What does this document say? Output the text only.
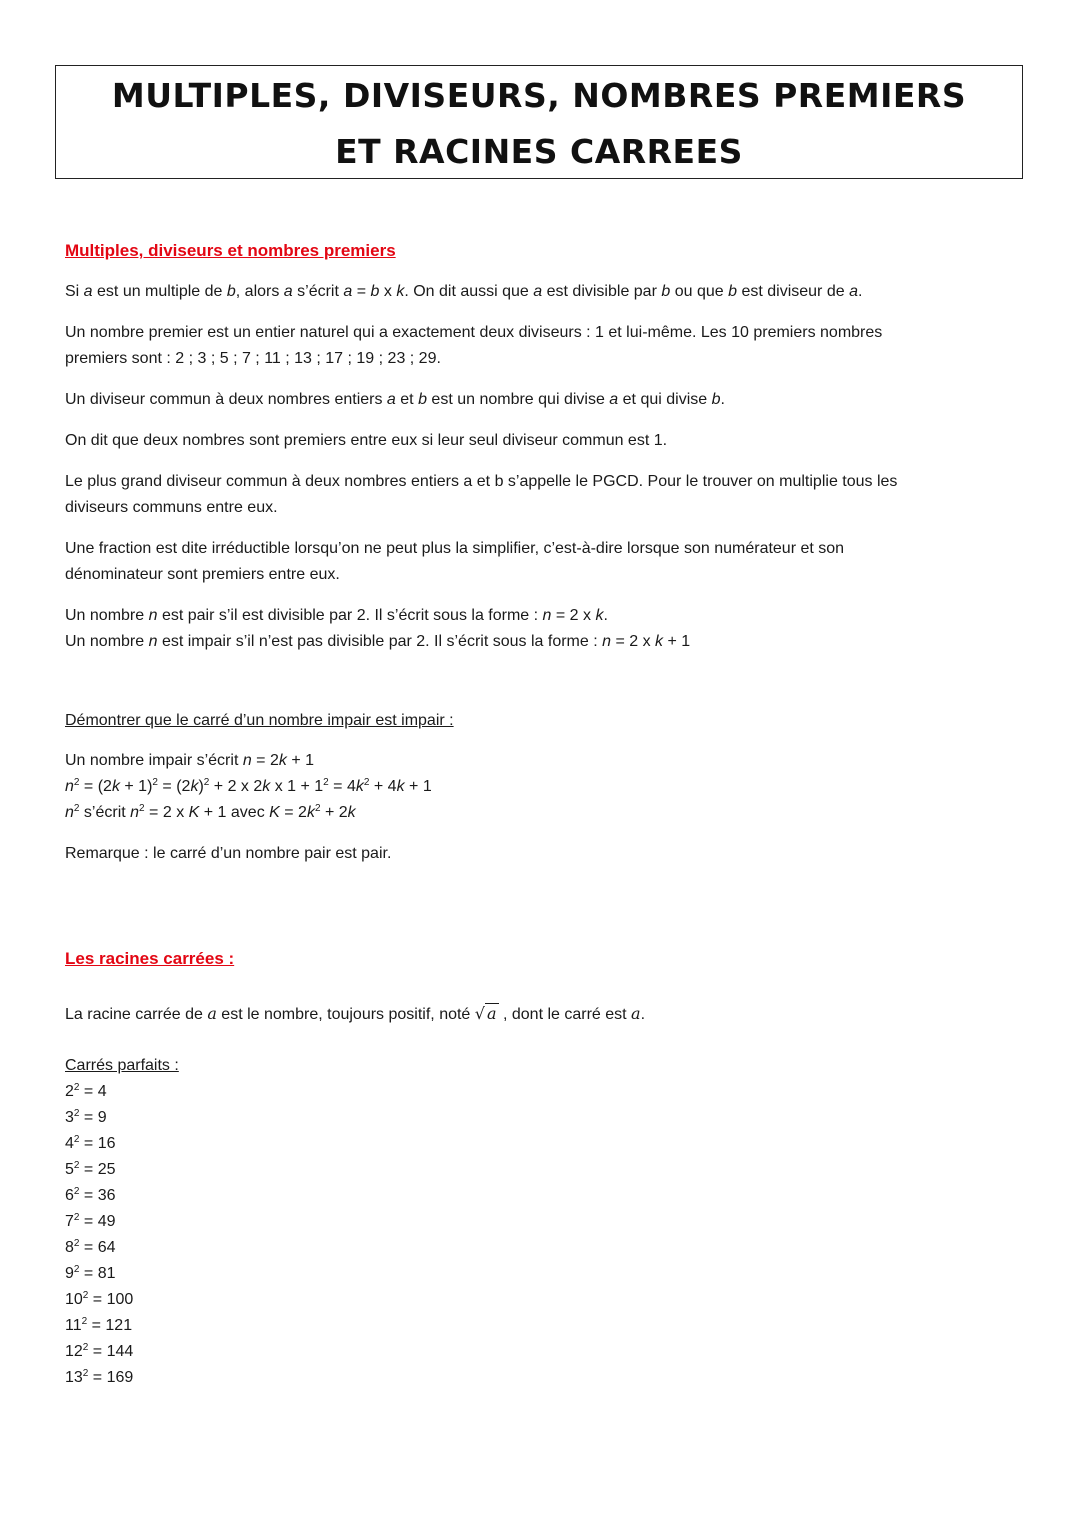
MULTIPLES, DIVISEURS, NOMBRES PREMIERS
ET RACINES CARREES
Multiples, diviseurs et nombres premiers
Si a est un multiple de b, alors a s’écrit a = b x k. On dit aussi que a est divisible par b ou que b est diviseur de a.
Un nombre premier est un entier naturel qui a exactement deux diviseurs : 1 et lui-même. Les 10 premiers nombres
premiers sont : 2 ; 3 ; 5 ; 7 ; 11 ; 13 ; 17 ; 19 ; 23 ; 29.
Un diviseur commun à deux nombres entiers a et b est un nombre qui divise a et qui divise b.
On dit que deux nombres sont premiers entre eux si leur seul diviseur commun est 1.
Le plus grand diviseur commun à deux nombres entiers a et b s’appelle le PGCD. Pour le trouver on multiplie tous les
diviseurs communs entre eux.
Une fraction est dite irréductible lorsqu’on ne peut plus la simplifier, c’est-à-dire lorsque son numérateur et son
dénominateur sont premiers entre eux.
Un nombre n est pair s’il est divisible par 2. Il s’écrit sous la forme : n = 2 x k.
Un nombre n est impair s’il n’est pas divisible par 2. Il s’écrit sous la forme : n = 2 x k + 1
Démontrer que le carré d’un nombre impair est impair :
Un nombre impair s’écrit n = 2k + 1
$n^2 = (2k + 1)^2 = (2k)^2 + 2$ x 2k x $1 + 1^2 = 4k^2 + 4k + 1$
$n^2$ s’écrit $n^2 = 2$ x K + 1 avec $K = 2k^2 + 2k$
Remarque : le carré d’un nombre pair est pair.
Les racines carrées :
La racine carrée de a est le nombre, toujours positif, noté √ a , dont le carré est a.
Carrés parfaits :
$2^2 = 4$
$3^2 = 9$
$4^2 = 16$
$5^2 = 25$
$6^2 = 36$
$7^2 = 49$
$8^2 = 64$
$9^2 = 81$
$10^2 = 100$
$11^2 = 121$
$12^2 = 144$
$13^2 = 169$
